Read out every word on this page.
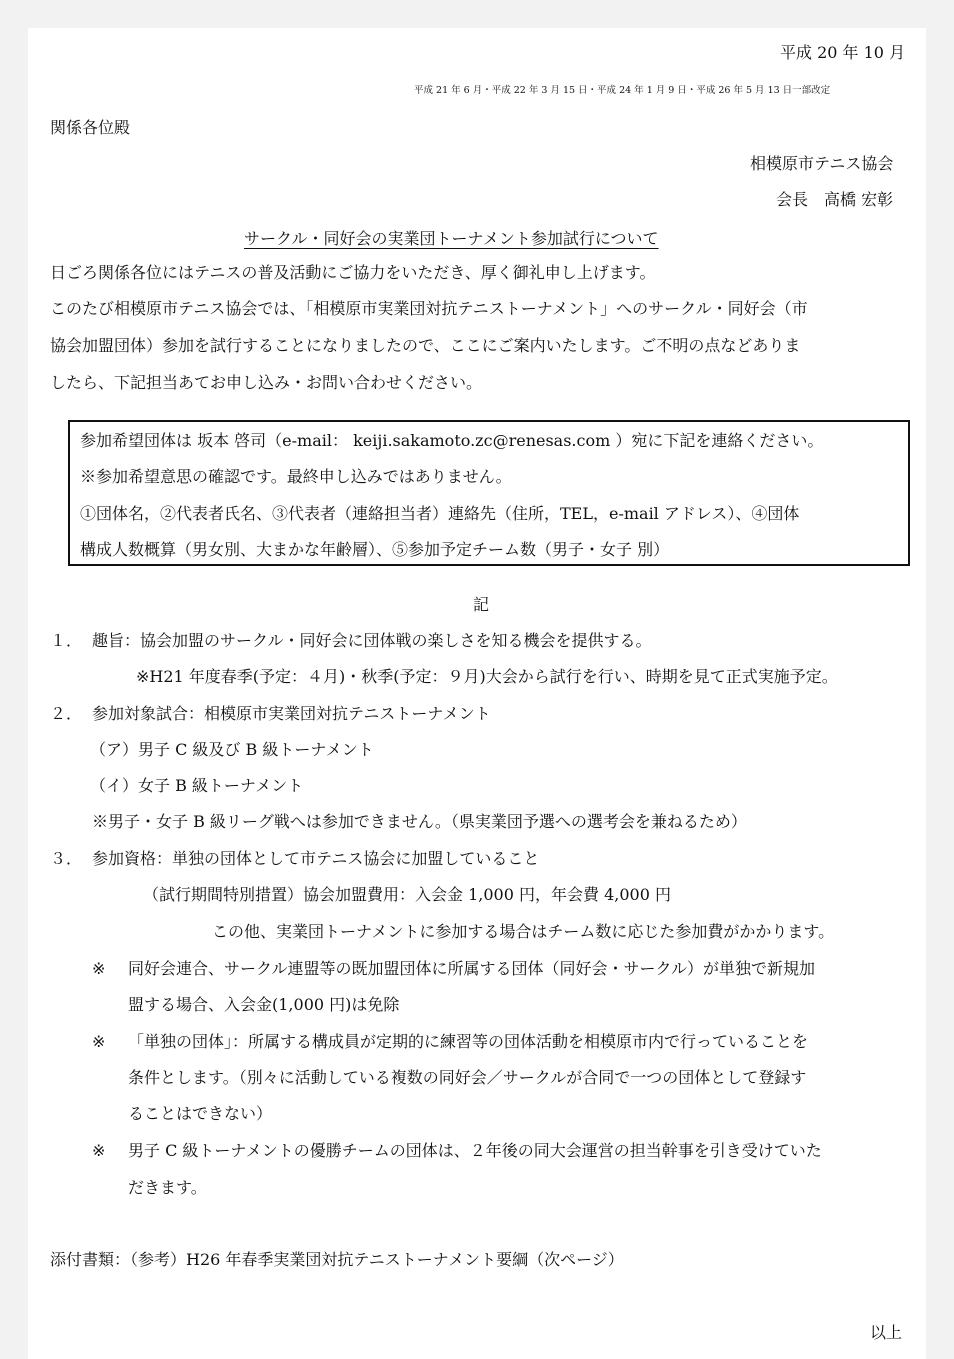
平成 20 年 10 月
平成 21 年 6 月・平成 22 年 3 月 15 日・平成 24 年 1 月 9 日・平成 26 年 5 月 13 日一部改定
関係各位殿
相模原市テニス協会
会長　高橋 宏彰
サークル・同好会の実業団トーナメント参加試行について
日ごろ関係各位にはテニスの普及活動にご協力をいただき、厚く御礼申し上げます。
このたび相模原市テニス協会では、「相模原市実業団対抗テニストーナメント」へのサークル・同好会（市
協会加盟団体）参加を試行することになりましたので、ここにご案内いたします。ご不明の点などありま
したら、下記担当あてお申し込み・お問い合わせください。
参加希望団体は 坂本 啓司（e-mail： keiji.sakamoto.zc@renesas.com ）宛に下記を連絡ください。
※参加希望意思の確認です。最終申し込みではありません。
①団体名，②代表者氏名、③代表者（連絡担当者）連絡先（住所，TEL，e-mail アドレス）、④団体
構成人数概算（男女別、大まかな年齢層）、⑤参加予定チーム数（男子・女子 別）
記
１． 趣旨：協会加盟のサークル・同好会に団体戦の楽しさを知る機会を提供する。
※H21 年度春季(予定：４月)・秋季(予定：９月)大会から試行を行い、時期を見て正式実施予定。
２． 参加対象試合：相模原市実業団対抗テニストーナメント
（ア）男子 C 級及び B 級トーナメント
（イ）女子 B 級トーナメント
※男子・女子 B 級リーグ戦へは参加できません。（県実業団予選への選考会を兼ねるため）
３． 参加資格：単独の団体として市テニス協会に加盟していること
（試行期間特別措置）協会加盟費用：入会金 1,000 円，年会費 4,000 円
この他、実業団トーナメントに参加する場合はチーム数に応じた参加費がかかります。
※ 同好会連合、サークル連盟等の既加盟団体に所属する団体（同好会・サークル）が単独で新規加
盟する場合、入会金(1,000 円)は免除
※ 「単独の団体」：所属する構成員が定期的に練習等の団体活動を相模原市内で行っていることを
条件とします。（別々に活動している複数の同好会／サークルが合同で一つの団体として登録す
ることはできない）
※ 男子 C 級トーナメントの優勝チームの団体は、２年後の同大会運営の担当幹事を引き受けていた
だきます。
添付書類：（参考）H26 年春季実業団対抗テニストーナメント要綱（次ページ）
以上
